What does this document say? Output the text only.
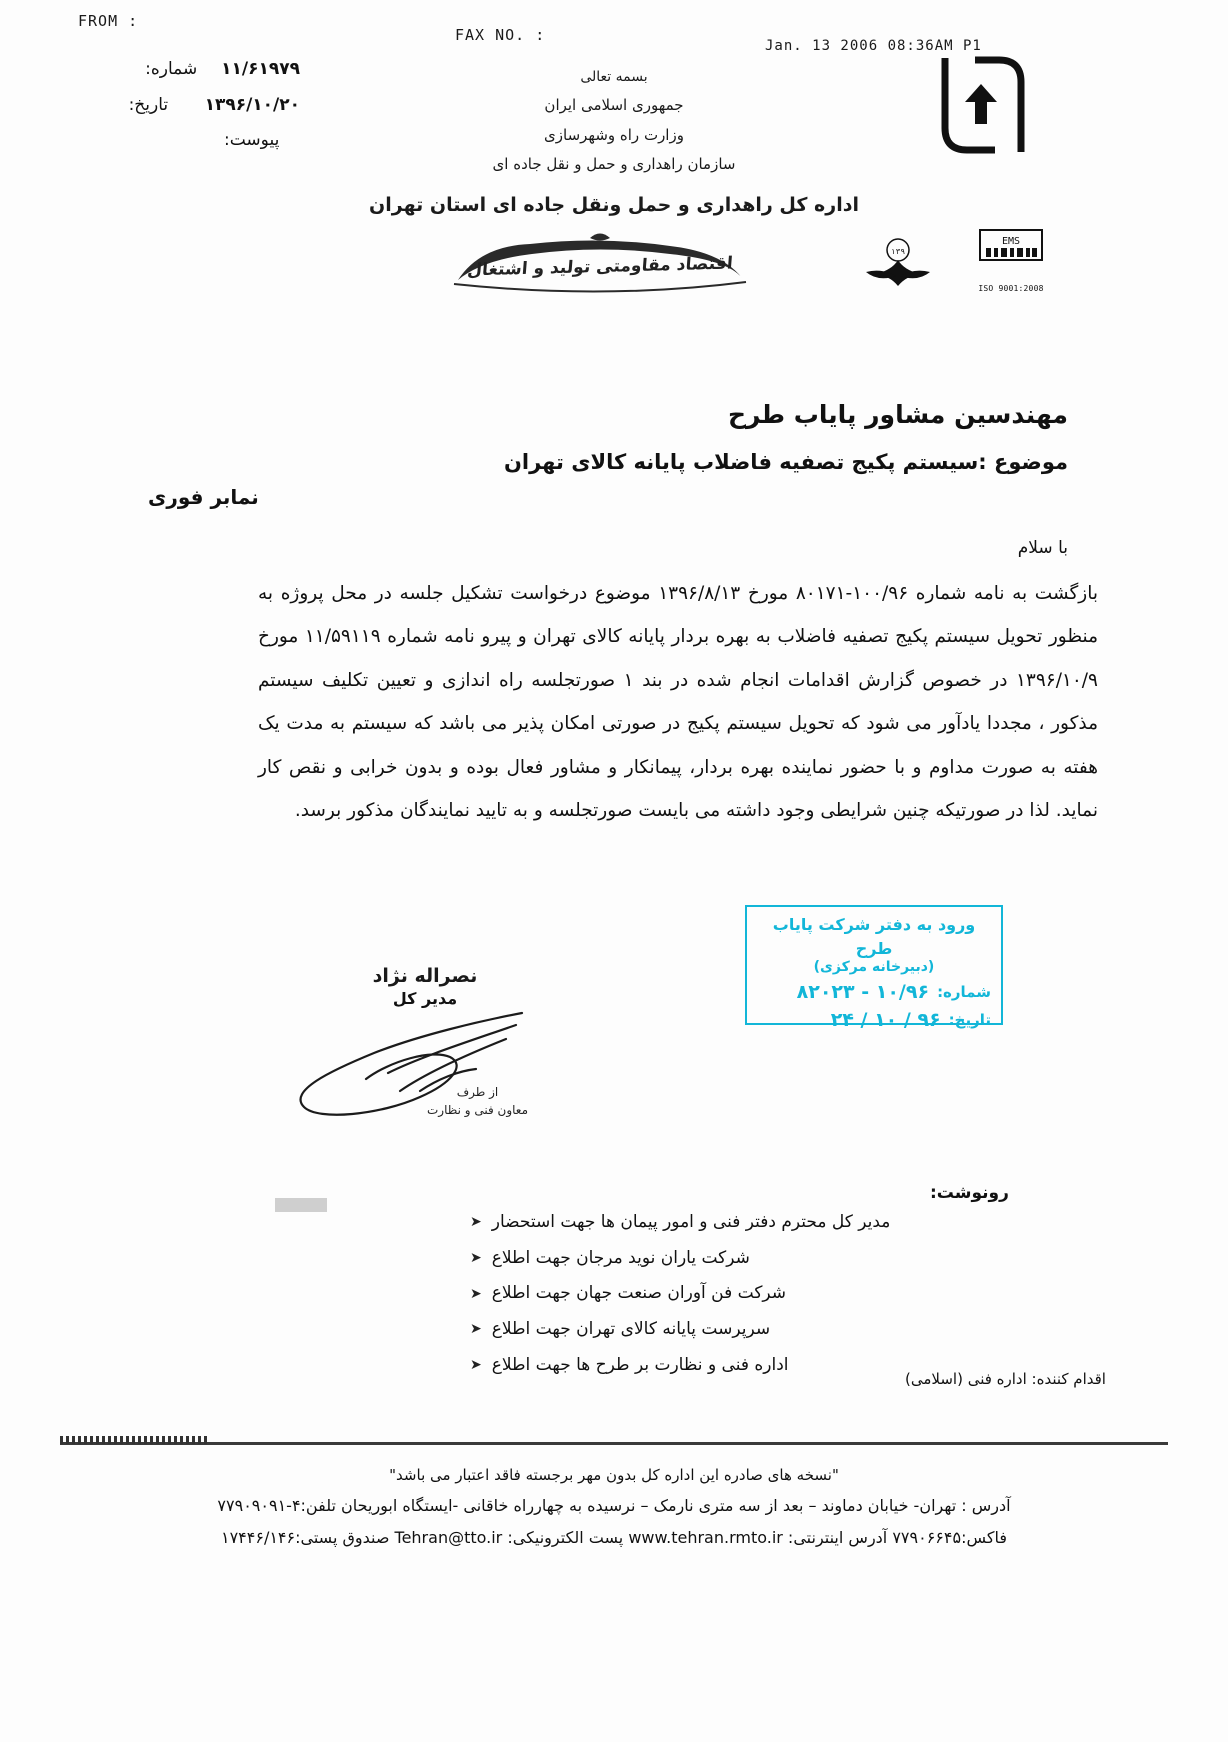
FROM :
FAX NO. :
Jan. 13 2006 08:36AM P1
۱۱/۶۱۹۷۹
شماره:
۱۳۹۶/۱۰/۲۰
تاریخ:
پیوست:
بسمه تعالی
جمهوری اسلامی ایران
وزارت راه وشهرسازی
سازمان راهداری و حمل و نقل جاده ای
اداره کل راهداری و حمل ونقل جاده ای استان تهران
اقتصاد مقاومتی تولید و اشتغال
۱۳۹
EMS
ISO 9001:2008
مهندسین مشاور پایاب طرح
موضوع :سیستم پکیج تصفیه فاضلاب پایانه کالای تهران
نمابر فوری
با سلام

بازگشت به نامه شماره ۱۰۰/۹۶-۸۰۱۷۱ مورخ ۱۳۹۶/۸/۱۳ موضوع درخواست تشکیل جلسه در محل پروژه به منظور تحویل سیستم پکیج تصفیه فاضلاب به بهره بردار پایانه کالای تهران و پیرو نامه شماره ۱۱/۵۹۱۱۹ مورخ ۱۳۹۶/۱۰/۹ در خصوص گزارش اقدامات انجام شده در بند ۱ صورتجلسه راه اندازی و تعیین تکلیف سیستم مذکور ، مجددا یادآور می شود که تحویل سیستم پکیج در صورتی امکان پذیر می باشد که سیستم به مدت یک هفته به صورت مداوم و با حضور نماینده بهره بردار، پیمانکار و مشاور فعال بوده و بدون خرابی و نقص کار نماید. لذا در صورتیکه چنین شرایطی وجود داشته می بایست صورتجلسه و به تایید نمایندگان مذکور برسد.

ورود به دفتر شرکت پایاب طرح
(دبیرخانه مرکزی)
شماره:
۱۰/۹۶ - ۸۲۰۲۳
تاریخ:
۹۶ / ۱۰ / ۲۴
نصراله نژاد
مدیر کل
از طرف
معاون فنی و نظارت
رونوشت:
مدیر کل محترم دفتر فنی و امور پیمان ها جهت استحضار
➤
شرکت یاران نوید مرجان جهت اطلاع
➤
شرکت فن آوران صنعت جهان جهت اطلاع
➤
سرپرست پایانه کالای تهران جهت اطلاع
➤
اداره فنی و نظارت بر طرح ها جهت اطلاع
➤
اقدام کننده: اداره فنی (اسلامی)
"نسخه های صادره این اداره کل بدون مهر برجسته فاقد اعتبار می باشد"
آدرس : تهران- خیابان دماوند – بعد از سه متری نارمک – نرسیده به چهارراه خاقانی -ایستگاه ابوریحان تلفن:۴-۷۷۹۰۹۰۹۱
فاکس:۷۷۹۰۶۶۴۵ آدرس اینترنتی: www.tehran.rmto.ir پست الکترونیکی: Tehran@tto.ir صندوق پستی:۱۷۴۴۶/۱۴۶
